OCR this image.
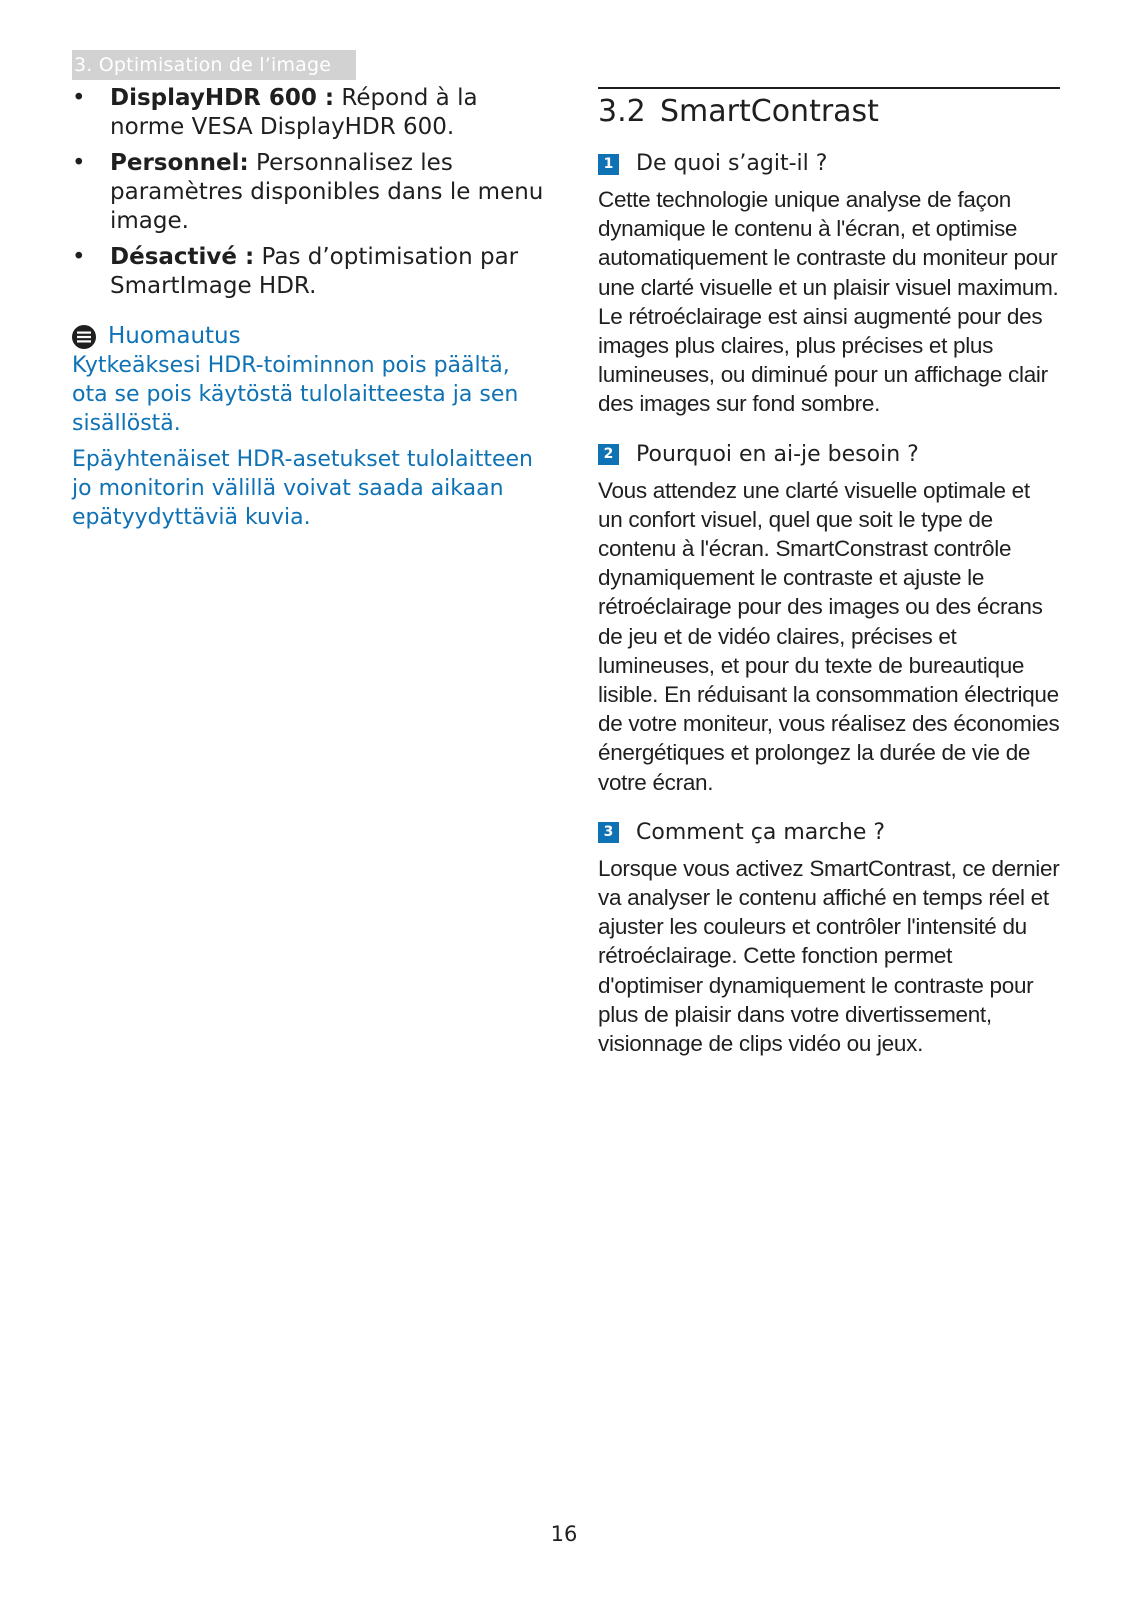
3. Optimisation de l’image
• DisplayHDR 600 : Répond à la norme VESA DisplayHDR 600.
• Personnel: Personnalisez les paramètres disponibles dans le menu image.
• Désactivé : Pas d’optimisation par SmartImage HDR.
Huomautus

Kytkeäksesi HDR-toiminnon pois päältä, ota se pois käytöstä tulolaitteesta ja sen sisällöstä.

Epäyhtenäiset HDR-asetukset tulolaitteen jo monitorin välillä voivat saada aikaan epätyydyttäviä kuvia.

3.2 SmartContrast
1 De quoi s’agit-il ?

Cette technologie unique analyse de façon dynamique le contenu à l'écran, et optimise automatiquement le contraste du moniteur pour une clarté visuelle et un plaisir visuel maximum. Le rétroéclairage est ainsi augmenté pour des images plus claires, plus précises et plus lumineuses, ou diminué pour un affichage clair des images sur fond sombre.

2 Pourquoi en ai-je besoin ?

Vous attendez une clarté visuelle optimale et un confort visuel, quel que soit le type de contenu à l'écran. SmartConstrast contrôle dynamiquement le contraste et ajuste le rétroéclairage pour des images ou des écrans de jeu et de vidéo claires, précises et lumineuses, et pour du texte de bureautique lisible. En réduisant la consommation électrique de votre moniteur, vous réalisez des économies énergétiques et prolongez la durée de vie de votre écran.

3 Comment ça marche ?

Lorsque vous activez SmartContrast, ce dernier va analyser le contenu affiché en temps réel et ajuster les couleurs et contrôler l'intensité du rétroéclairage. Cette fonction permet d'optimiser dynamiquement le contraste pour plus de plaisir dans votre divertissement, visionnage de clips vidéo ou jeux.

16
